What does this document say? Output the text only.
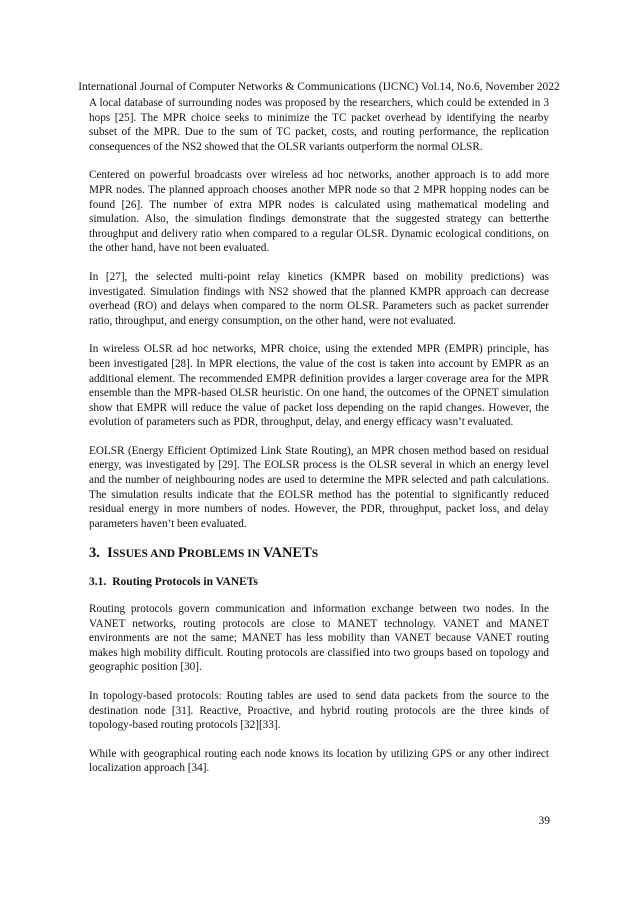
International Journal of Computer Networks & Communications (IJCNC) Vol.14, No.6, November 2022

A local database of surrounding nodes was proposed by the researchers, which could be extended in 3 hops [25]. The MPR choice seeks to minimize the TC packet overhead by identifying the nearby subset of the MPR. Due to the sum of TC packet, costs, and routing performance, the replication consequences of the NS2 showed that the OLSR variants outperform the normal OLSR.

Centered on powerful broadcasts over wireless ad hoc networks, another approach is to add more MPR nodes. The planned approach chooses another MPR node so that 2 MPR hopping nodes can be found [26]. The number of extra MPR nodes is calculated using mathematical modeling and simulation. Also, the simulation findings demonstrate that the suggested strategy can betterthe throughput and delivery ratio when compared to a regular OLSR. Dynamic ecological conditions, on the other hand, have not been evaluated.

In [27], the selected multi-point relay kinetics (KMPR based on mobility predictions) was investigated. Simulation findings with NS2 showed that the planned KMPR approach can decrease overhead (RO) and delays when compared to the norm OLSR. Parameters such as packet surrender ratio, throughput, and energy consumption, on the other hand, were not evaluated.

In wireless OLSR ad hoc networks, MPR choice, using the extended MPR (EMPR) principle, has been investigated [28]. In MPR elections, the value of the cost is taken into account by EMPR as an additional element. The recommended EMPR definition provides a larger coverage area for the MPR ensemble than the MPR-based OLSR heuristic. On one hand, the outcomes of the OPNET simulation show that EMPR will reduce the value of packet loss depending on the rapid changes. However, the evolution of parameters such as PDR, throughput, delay, and energy efficacy wasn’t evaluated.

EOLSR (Energy Efficient Optimized Link State Routing), an MPR chosen method based on residual energy, was investigated by [29]. The EOLSR process is the OLSR several in which an energy level and the number of neighbouring nodes are used to determine the MPR selected and path calculations. The simulation results indicate that the EOLSR method has the potential to significantly reduced residual energy in more numbers of nodes. However, the PDR, throughput, packet loss, and delay parameters haven’t been evaluated.

3. ISSUES AND PROBLEMS IN VANETS
3.1. Routing Protocols in VANETs

Routing protocols govern communication and information exchange between two nodes. In the VANET networks, routing protocols are close to MANET technology. VANET and MANET environments are not the same; MANET has less mobility than VANET because VANET routing makes high mobility difficult. Routing protocols are classified into two groups based on topology and geographic position [30].

In topology-based protocols: Routing tables are used to send data packets from the source to the destination node [31]. Reactive, Proactive, and hybrid routing protocols are the three kinds of topology-based routing protocols [32][33].

While with geographical routing each node knows its location by utilizing GPS or any other indirect localization approach [34].

39
